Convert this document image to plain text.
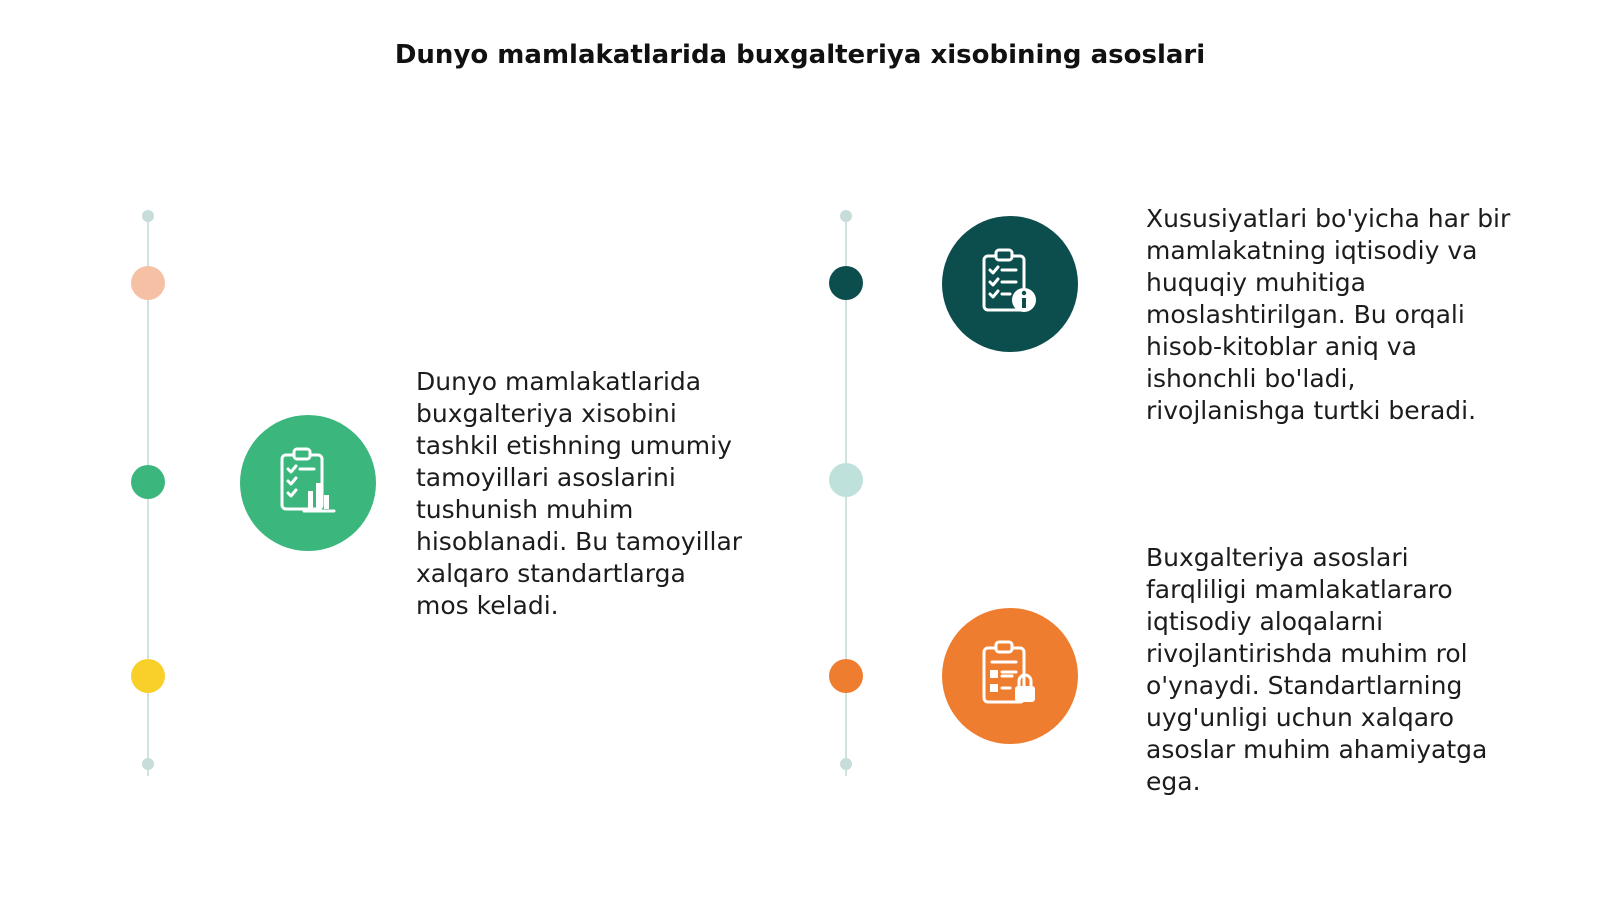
Dunyo mamlakatlarida buxgalteriya xisobining asoslari
Dunyo mamlakatlarida buxgalteriya xisobini tashkil etishning umumiy tamoyillari asoslarini tushunish muhim hisoblanadi. Bu tamoyillar xalqaro standartlarga mos keladi.
Xususiyatlari bo'yicha har bir mamlakatning iqtisodiy va huquqiy muhitiga moslashtirilgan. Bu orqali hisob-kitoblar aniq va ishonchli bo'ladi, rivojlanishga turtki beradi.
Buxgalteriya asoslari farqliligi mamlakatlararo iqtisodiy aloqalarni rivojlantirishda muhim rol o'ynaydi. Standartlarning uyg'unligi uchun xalqaro asoslar muhim ahamiyatga ega.
